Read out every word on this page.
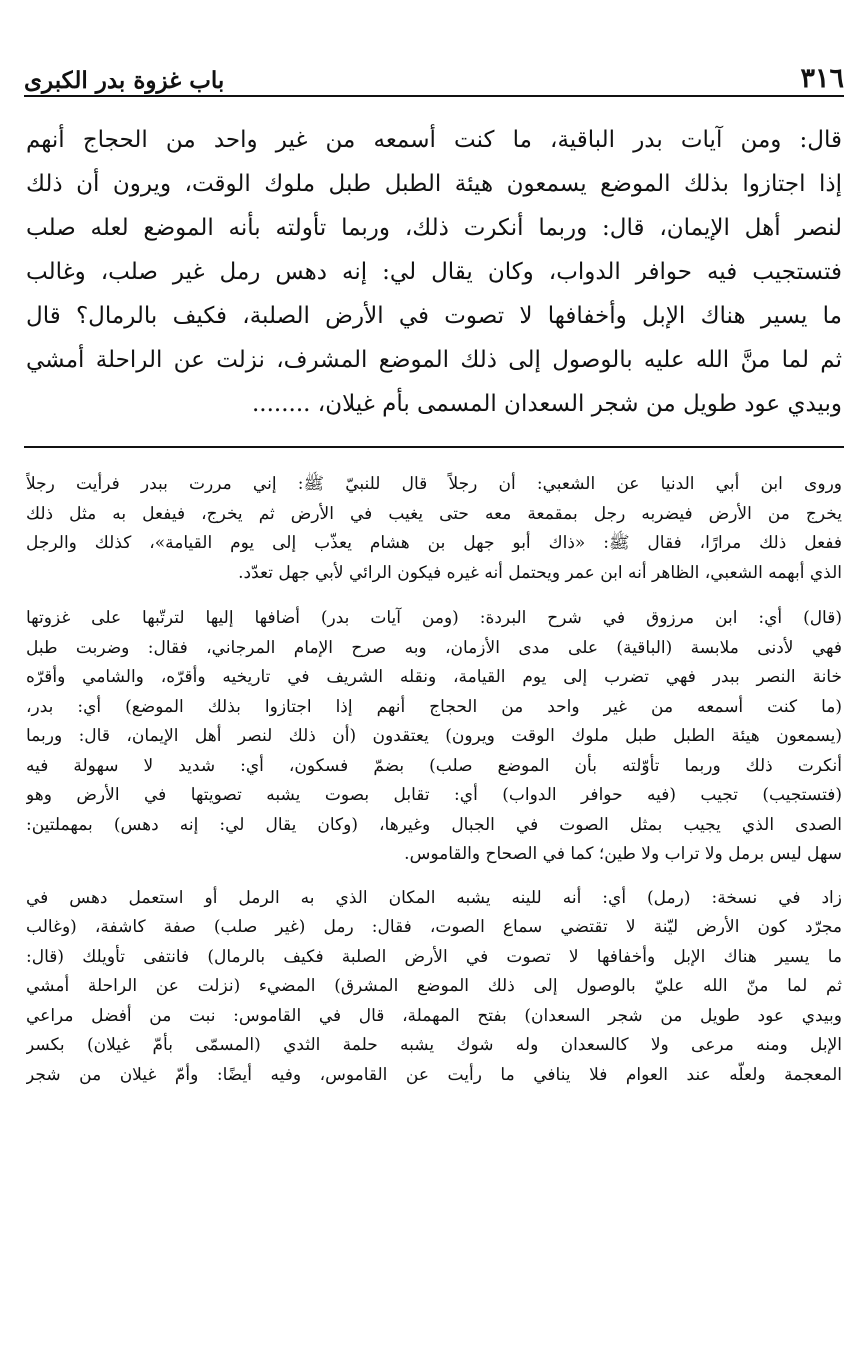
٣١٦
باب غزوة بدر الكبرى

قال: ومن آيات بدر الباقية، ما كنت أسمعه من غير واحد من الحجاج أنهم
إذا اجتازوا بذلك الموضع يسمعون هيئة الطبل طبل ملوك الوقت، ويرون أن ذلك
لنصر أهل الإيمان، قال: وربما أنكرت ذلك، وربما تأولته بأنه الموضع لعله صلب
فتستجيب فيه حوافر الدواب، وكان يقال لي: إنه دهس رمل غير صلب، وغالب
ما يسير هناك الإبل وأخفافها لا تصوت في الأرض الصلبة، فكيف بالرمال؟ قال
ثم لما منَّ الله عليه بالوصول إلى ذلك الموضع المشرف، نزلت عن الراحلة أمشي
وبيدي عود طويل من شجر السعدان المسمى بأم غيلان، ........

وروى ابن أبي الدنيا عن الشعبي: أن رجلاً قال للنبيّ ﷺ: إني مررت ببدر فرأيت رجلاً
يخرج من الأرض فيضربه رجل بمقمعة معه حتى يغيب في الأرض ثم يخرج، فيفعل به مثل ذلك
ففعل ذلك مرارًا، فقال ﷺ: «ذاك أبو جهل بن هشام يعذّب إلى يوم القيامة»، كذلك والرجل
الذي أبهمه الشعبي، الظاهر أنه ابن عمر ويحتمل أنه غيره فيكون الرائي لأبي جهل تعدّد.

(قال) أي: ابن مرزوق في شرح البردة: (ومن آيات بدر) أضافها إليها لترتّبها على غزوتها
فهي لأدنى ملابسة (الباقية) على مدى الأزمان، وبه صرح الإمام المرجاني، فقال: وضربت طبل
خانة النصر ببدر فهي تضرب إلى يوم القيامة، ونقله الشريف في تاريخيه وأقرّه، والشامي وأقرّه
(ما كنت أسمعه من غير واحد من الحجاج أنهم إذا اجتازوا بذلك الموضع) أي: بدر،
(يسمعون هيئة الطبل طبل ملوك الوقت ويرون) يعتقدون (أن ذلك لنصر أهل الإيمان، قال: وربما
أنكرت ذلك وربما تأوّلته بأن الموضع صلب) بضمّ فسكون، أي: شديد لا سهولة فيه
(فتستجيب) تجيب (فيه حوافر الدواب) أي: تقابل بصوت يشبه تصويتها في الأرض وهو
الصدى الذي يجيب بمثل الصوت في الجبال وغيرها، (وكان يقال لي: إنه دهس) بمهملتين:
سهل ليس برمل ولا تراب ولا طين؛ كما في الصحاح والقاموس.

زاد في نسخة: (رمل) أي: أنه للينه يشبه المكان الذي به الرمل أو استعمل دهس في
مجرّد كون الأرض ليّنة لا تقتضي سماع الصوت، فقال: رمل (غير صلب) صفة كاشفة، (وغالب
ما يسير هناك الإبل وأخفافها لا تصوت في الأرض الصلبة فكيف بالرمال) فانتفى تأويلك (قال:
ثم لما منّ الله عليّ بالوصول إلى ذلك الموضع المشرق) المضيء (نزلت عن الراحلة أمشي
وبيدي عود طويل من شجر السعدان) بفتح المهملة، قال في القاموس: نبت من أفضل مراعي
الإبل ومنه مرعى ولا كالسعدان وله شوك يشبه حلمة الثدي (المسمّى بأمّ غيلان) بكسر
المعجمة ولعلّه عند العوام فلا ينافي ما رأيت عن القاموس، وفيه أيضًا: وأمّ غيلان من شجر
